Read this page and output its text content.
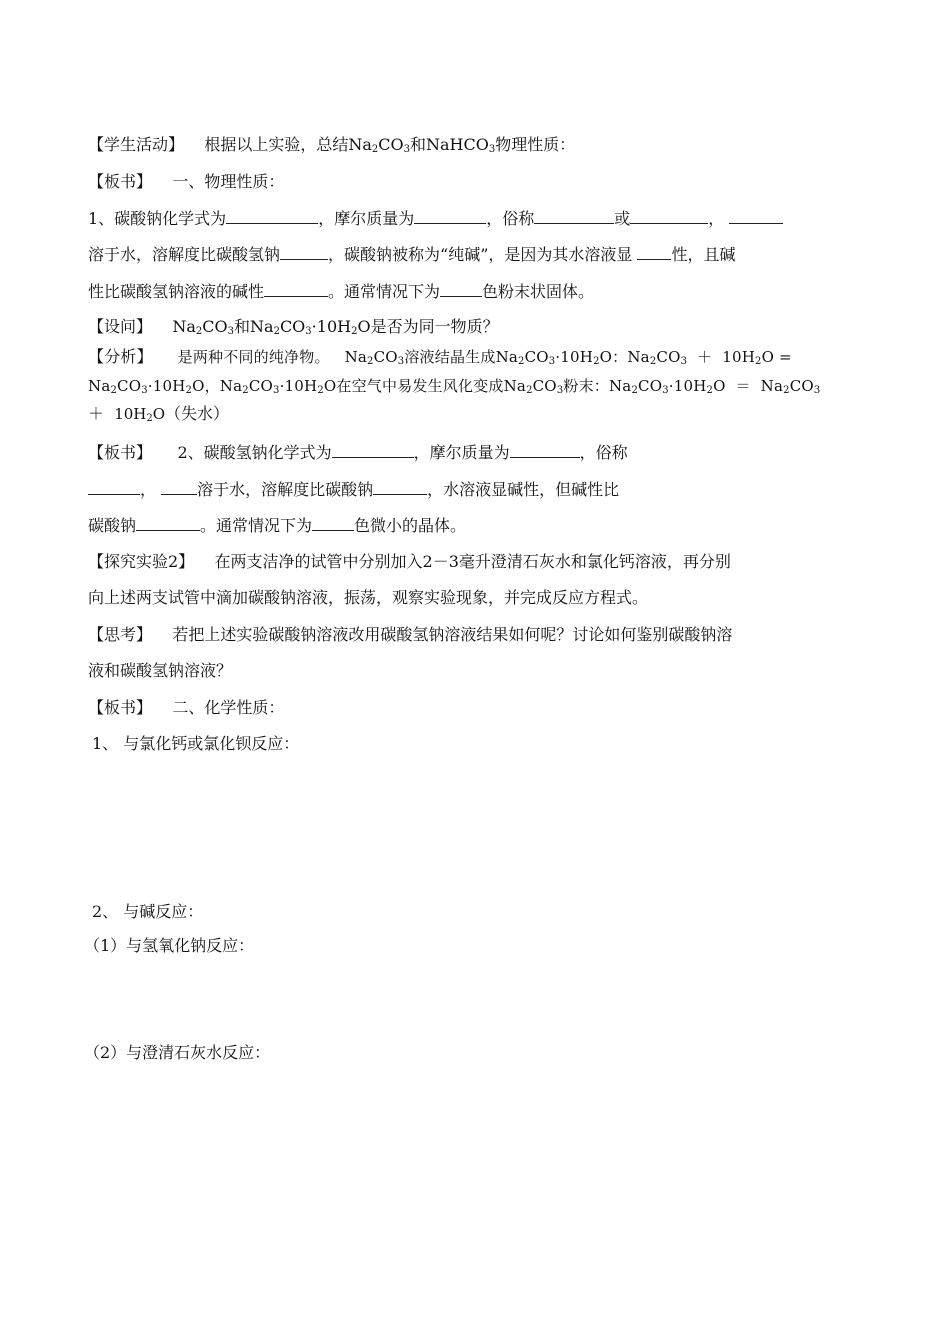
【学生活动】 根据以上实验，总结$Na_2CO_3$和NaHCO$_3$物理性质：
【板书】 一、物理性质：
1、碳酸钠化学式为	，摩尔质量为	，俗称	或	，
溶于水，溶解度比碳酸氢钠	，碳酸钠被称为“纯碱”，是因为其水溶液显 性，且碱
性比碳酸氢钠溶液的碱性	。通常情况下为	色粉末状固体。
【设问】 $Na_2CO_3$和$Na_2CO_3\cdot 10H_2O$是否为同一物质？
【分析】 是两种不同的纯净物。 $Na_2CO_3$溶液结晶生成$Na_2CO_3\cdot 10H_2O$：$Na_2CO_3 + 10H_2O$ =
$Na_2CO_3\cdot 10H_2O$，$Na_2CO_3\cdot 10H_2O$在空气中易发生风化变成$Na_2CO_3$粉末：$Na_2CO_3\cdot 10H_2O = Na_2CO_3$
＋ $10H_2O$（失水）
【板书】 2、碳酸氢钠化学式为	，摩尔质量为	，俗称
，	溶于水，溶解度比碳酸钠	，水溶液显碱性，但碱性比
碳酸钠	。通常情况下为	色微小的晶体。
【探究实验2】 在两支洁净的试管中分别加入2－3毫升澄清石灰水和氯化钙溶液，再分别
向上述两支试管中滴加碳酸钠溶液，振荡，观察实验现象，并完成反应方程式。
【思考】 若把上述实验碳酸钠溶液改用碳酸氢钠溶液结果如何呢？讨论如何鉴别碳酸钠溶
液和碳酸氢钠溶液？
【板书】 二、化学性质：
1、 与氯化钙或氯化钡反应：
2、 与碱反应：
（1）与氢氧化钠反应：
（2）与澄清石灰水反应：
